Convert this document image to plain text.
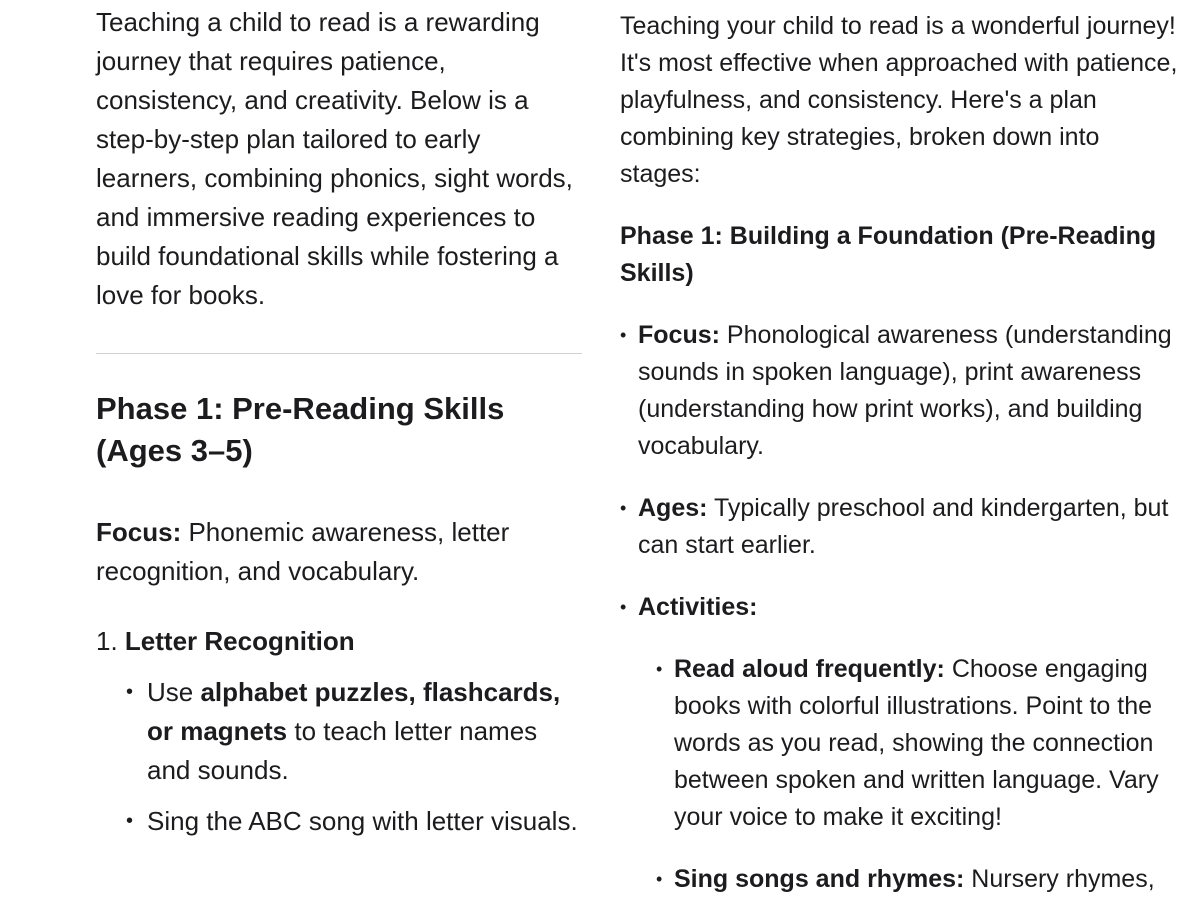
Teaching a child to read is a rewarding journey that requires patience, consistency, and creativity. Below is a step-by-step plan tailored to early learners, combining phonics, sight words, and immersive reading experiences to build foundational skills while fostering a love for books.

Phase 1: Pre-Reading Skills (Ages 3–5)

Focus: Phonemic awareness, letter recognition, and vocabulary.

1. Letter Recognition

• Use alphabet puzzles, flashcards, or magnets to teach letter names and sounds.
• Sing the ABC song with letter visuals.

Teaching your child to read is a wonderful journey! It's most effective when approached with patience, playfulness, and consistency. Here's a plan combining key strategies, broken down into stages:

Phase 1: Building a Foundation (Pre-Reading Skills)

• Focus: Phonological awareness (understanding sounds in spoken language), print awareness (understanding how print works), and building vocabulary.
• Ages: Typically preschool and kindergarten, but can start earlier.
• Activities:
• Read aloud frequently: Choose engaging books with colorful illustrations. Point to the words as you read, showing the connection between spoken and written language. Vary your voice to make it exciting!
• Sing songs and rhymes: Nursery rhymes,
